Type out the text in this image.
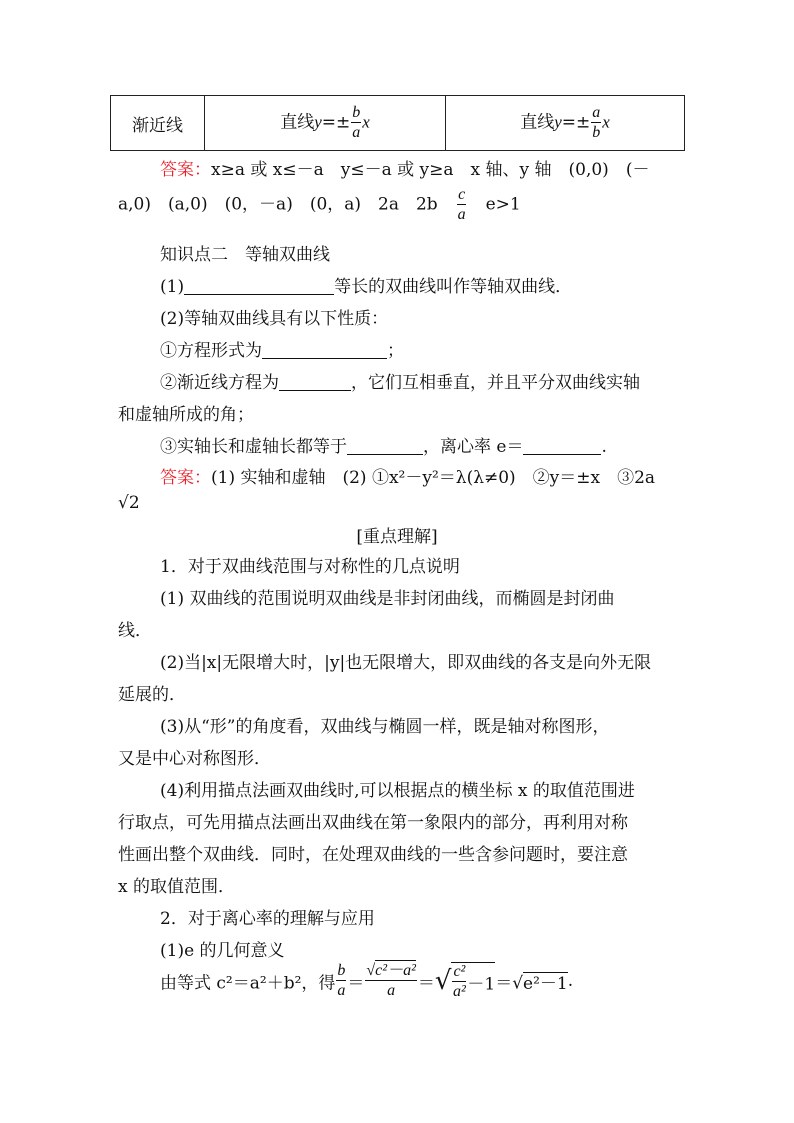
渐近线	直线$y=\pm \frac{b}{a}$ x	直线$y=\pm \frac{a}{b}$ x
答案：x≥a 或 x≤－a　y≤－a 或 y≥a　x 轴、y 轴　(0,0)　(－
a,0)　(a,0)　(0，－a)　(0，a)　2a　$2b \frac{c}{a} e>1$
知识点二　等轴双曲线
(1)	等长的双曲线叫作等轴双曲线．
(2)等轴双曲线具有以下性质：
①方程形式为	；
②渐近线方程为	，它们互相垂直，并且平分双曲线实轴
和虚轴所成的角；
③实轴长和虚轴长都等于	，离心率 e＝	.
答案：(1) 实轴和虚轴　(2) ①x²－y²＝λ(λ≠0)　②y＝±x　③2a
√2
[重点理解]
1．对于双曲线范围与对称性的几点说明
(1) 双曲线的范围说明双曲线是非封闭曲线，而椭圆是封闭曲
线．
(2)当|x|无限增大时，|y|也无限增大，即双曲线的各支是向外无限
延展的．
(3)从“形”的角度看，双曲线与椭圆一样，既是轴对称图形，
又是中心对称图形．
(4)利用描点法画双曲线时,可以根据点的横坐标 x 的取值范围进
行取点，可先用描点法画出双曲线在第一象限内的部分，再利用对称
性画出整个双曲线．同时，在处理双曲线的一些含参问题时，要注意
x 的取值范围．
2．对于离心率的理解与应用
(1)e 的几何意义
由等式 c²＝a²＋b²，得 $\frac{b}{a} = \frac{\text{√c²－a²}}{a}$ ＝√ $\frac{\text{c²}}{\text{a²}} -1=√e^2-1$.
